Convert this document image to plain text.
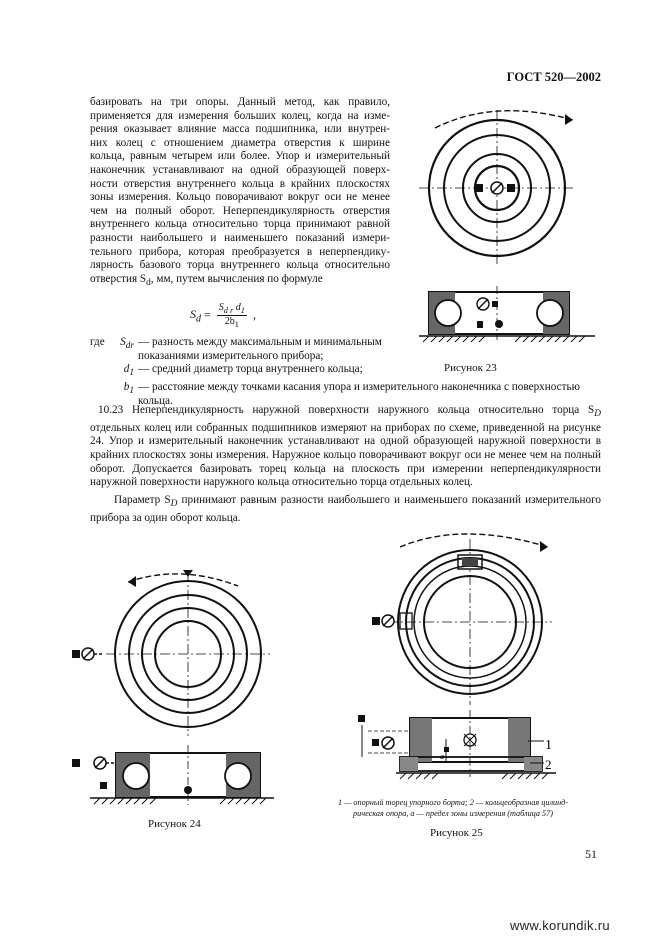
ГОСТ 520—2002
базировать на три опоры. Данный метод, как правило,
применяется для измерения больших колец, когда на изме-
рения оказывает влияние масса подшипника, или внутрен-
них колец с отношением диаметра отверстия к ширине
кольца, равным четырем или более. Упор и измерительный
наконечник устанавливают на одной образующей поверх-
ности отверстия внутреннего кольца в крайних плоскостях
зоны измерения. Кольцо поворачивают вокруг оси не менее
чем на полный оборот. Неперпендикулярность отверстия
внутреннего кольца относительно торца принимают равной
разности наибольшего и наименьшего показаний измери-
тельного прибора, которая преобразуется в неперпендику-
лярность базового торца внутреннего кольца относительно
отверстия $S_d$, мм, путем вычисления по формуле
$S_d = \frac{S_{d r} d_1}{2b_1}$ ,
где	$S_{dr}$ — разность между максимальным и минимальным показаниями измерительного прибора;
$d_1$ — средний диаметр торца внутреннего кольца;
$b_1$ — расстояние между точками касания упора и измерительного наконечника с поверхностью кольца.
10.23 Неперпендикулярность наружной поверхности наружного кольца относительно торца $S_D$ отдельных колец или собранных подшипников измеряют на приборах по схеме, приведенной на рисунке 24. Упор и измерительный наконечник устанавливают на одной образующей наружной поверхности в крайних плоскостях зоны измерения. Наружное кольцо поворачивают вокруг оси не менее чем на полный оборот. Допускается базировать торец кольца на плоскость при измерении неперпендикулярности наружной поверхности наружного кольца относительно торца отдельных колец.
Параметр $S_D$ принимают равным разности наибольшего и наименьшего показаний измерительного прибора за один оборот кольца.
Рисунок 23
Рисунок 24
a
1
2
1 — опорный торец упорного борта; 2 — кольцеобразная цилинд-
рическая опора, a — предел зоны измерения (таблица 57)
Рисунок 25
51
www.korundik.ru
